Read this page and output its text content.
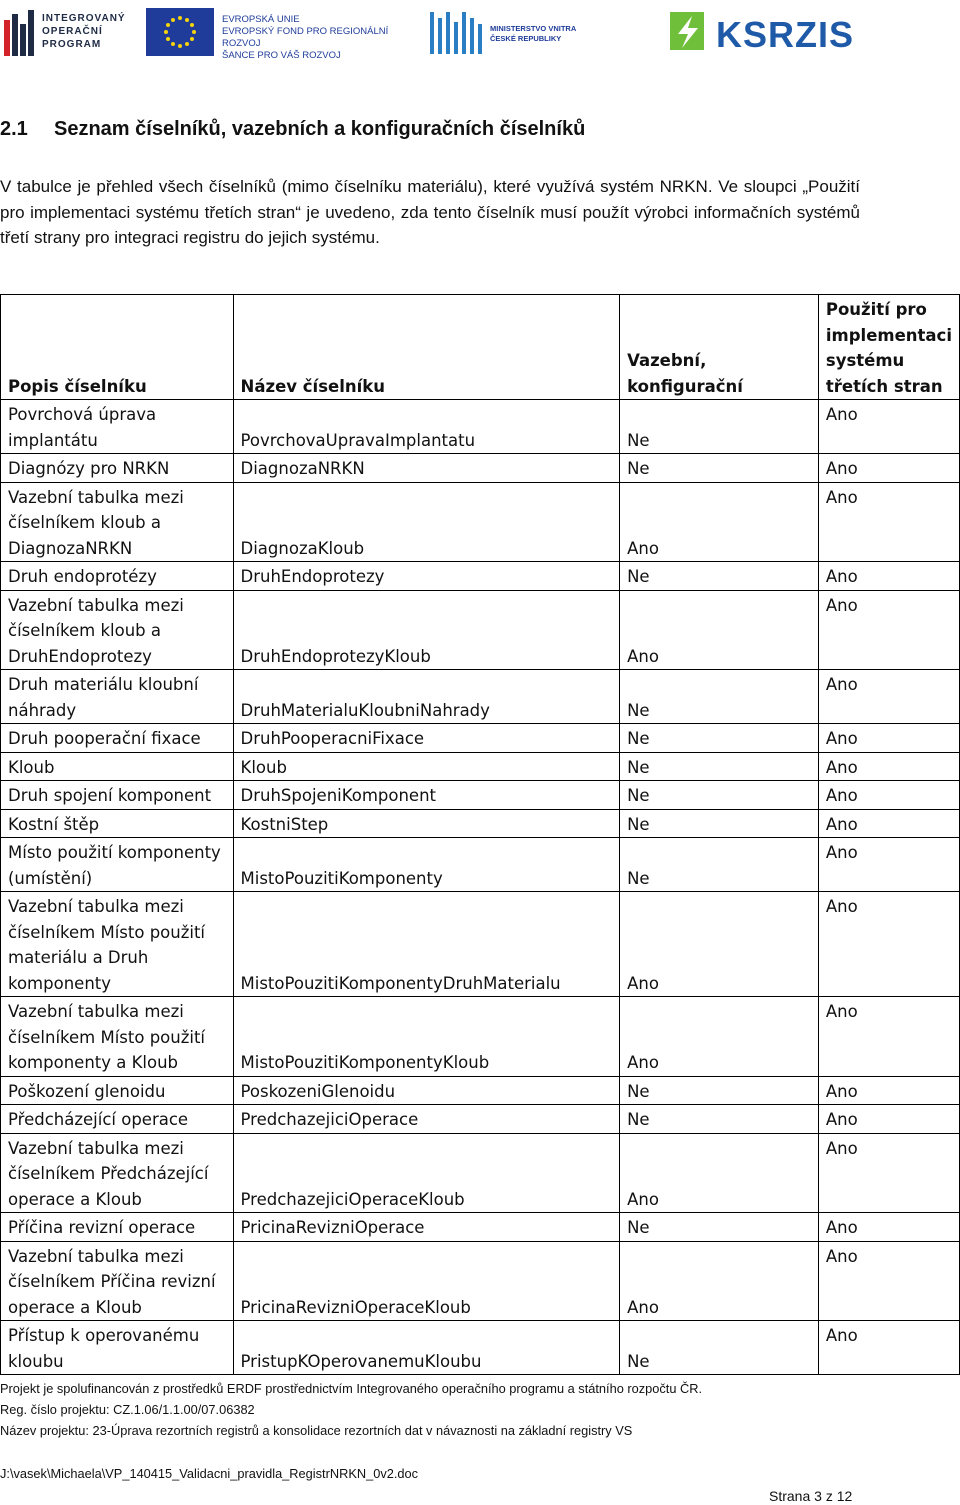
INTEGROVANÝ
OPERAČNÍ
PROGRAM
EVROPSKÁ UNIE
EVROPSKÝ FOND PRO REGIONÁLNÍ ROZVOJ
ŠANCE PRO VÁŠ ROZVOJ
MINISTERSTVO VNITRA
ČESKÉ REPUBLIKY	KSRZIS
2.1 Seznam číselníků, vazebních a konfiguračních číselníků
V tabulce je přehled všech číselníků (mimo číselníku materiálu), které využívá systém NRKN. Ve sloupci „Použití pro implementaci systému třetích stran“ je uvedeno, zda tento číselník musí použít výrobci informačních systémů třetí strany pro integraci registru do jejich systému.
Popis číselníku	Název číselníku	Vazební, konfigurační	Použití pro implementaci systému třetích stran
Povrchová úprava implantátu	PovrchovaUpravaImplantatu	Ne	Ano
Diagnózy pro NRKN	DiagnozaNRKN	Ne	Ano
Vazební tabulka mezi číselníkem kloub a DiagnozaNRKN	DiagnozaKloub	Ano	Ano
Druh endoprotézy	DruhEndoprotezy	Ne	Ano
Vazební tabulka mezi číselníkem kloub a DruhEndoprotezy	DruhEndoprotezyKloub	Ano	Ano
Druh materiálu kloubní náhrady	DruhMaterialuKloubniNahrady	Ne	Ano
Druh pooperační fixace	DruhPooperacniFixace	Ne	Ano
Kloub	Kloub	Ne	Ano
Druh spojení komponent	DruhSpojeniKomponent	Ne	Ano
Kostní štěp	KostniStep	Ne	Ano
Místo použití komponenty (umístění)	MistoPouzitiKomponenty	Ne	Ano
Vazební tabulka mezi číselníkem Místo použití materiálu a Druh komponenty	MistoPouzitiKomponentyDruhMaterialu	Ano	Ano
Vazební tabulka mezi číselníkem Místo použití komponenty a Kloub	MistoPouzitiKomponentyKloub	Ano	Ano
Poškození glenoidu	PoskozeniGlenoidu	Ne	Ano
Předcházející operace	PredchazejiciOperace	Ne	Ano
Vazební tabulka mezi číselníkem Předcházející operace a Kloub	PredchazejiciOperaceKloub	Ano	Ano
Příčina revizní operace	PricinaRevizniOperace	Ne	Ano
Vazební tabulka mezi číselníkem Příčina revizní operace a Kloub	PricinaRevizniOperaceKloub	Ano	Ano
Přístup k operovanému kloubu	PristupKOperovanemuKloubu	Ne	Ano
Projekt je spolufinancován z prostředků ERDF prostřednictvím Integrovaného operačního programu a státního rozpočtu ČR.
Reg. číslo projektu: CZ.1.06/1.1.00/07.06382
Název projektu: 23-Úprava rezortních registrů a konsolidace rezortních dat v návaznosti na základní registry VS
J:\vasek\Michaela\VP_140415_Validacni_pravidla_RegistrNRKN_0v2.doc
Strana 3 z 12
